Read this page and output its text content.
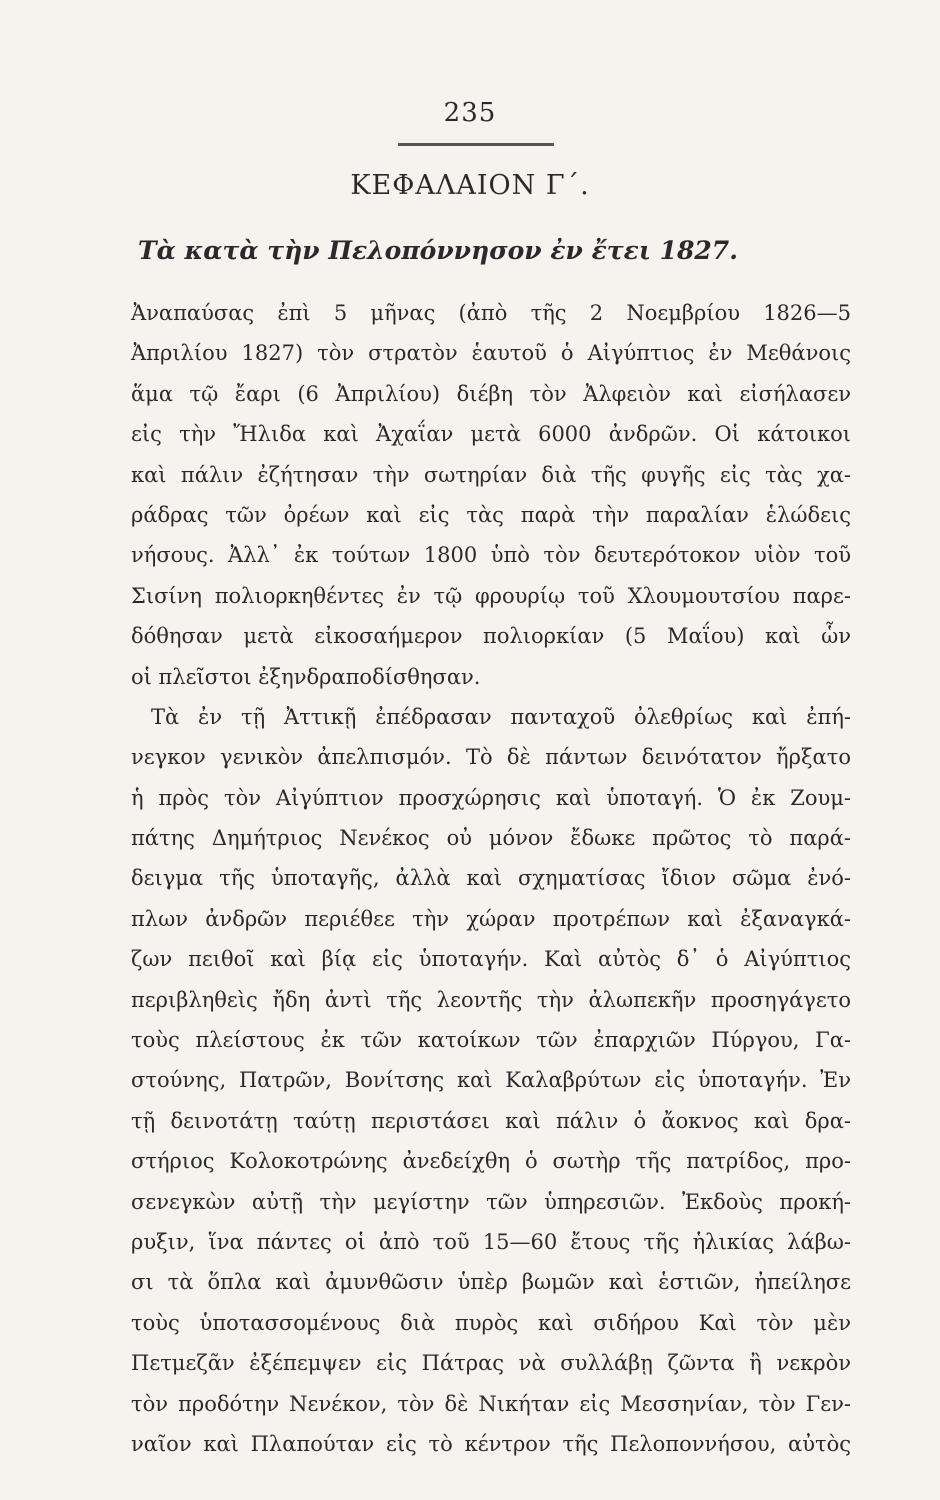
235
ΚΕΦΑΛΑΙΟΝ Γ΄.
Τὰ κατὰ τὴν Πελοπόννησον ἐν ἔτει 1827.
Ἀναπαύσας ἐπὶ 5 μῆνας (ἀπὸ τῆς 2 Νοεμβρίου 1826—5
Ἀπριλίου 1827) τὸν στρατὸν ἑαυτοῦ ὁ Αἰγύπτιος ἐν Μεθάνοις
ἅμα τῷ ἔαρι (6 Ἀπριλίου) διέβη τὸν Ἀλφειὸν καὶ εἰσήλασεν
εἰς τὴν Ἤλιδα καὶ Ἀχαΐαν μετὰ 6000 ἀνδρῶν. Οἱ κάτοικοι
καὶ πάλιν ἐζήτησαν τὴν σωτηρίαν διὰ τῆς φυγῆς εἰς τὰς χα-
ράδρας τῶν ὀρέων καὶ εἰς τὰς παρὰ τὴν παραλίαν ἑλώδεις
νήσους. Ἀλλ᾽ ἐκ τούτων 1800 ὑπὸ τὸν δευτερότοκον υἱὸν τοῦ
Σισίνη πολιορκηθέντες ἐν τῷ φρουρίῳ τοῦ Χλουμουτσίου παρε-
δόθησαν μετὰ εἰκοσαήμερον πολιορκίαν (5 Μαΐου) καὶ ὧν
οἱ πλεῖστοι ἐξηνδραποδίσθησαν.
Τὰ ἐν τῇ Ἀττικῇ ἐπέδρασαν πανταχοῦ ὀλεθρίως καὶ ἐπή-
νεγκον γενικὸν ἀπελπισμόν. Τὸ δὲ πάντων δεινότατον ἤρξατο
ἡ πρὸς τὸν Αἰγύπτιον προσχώρησις καὶ ὑποταγή. Ὁ ἐκ Ζουμ-
πάτης Δημήτριος Νενέκος οὐ μόνον ἔδωκε πρῶτος τὸ παρά-
δειγμα τῆς ὑποταγῆς, ἀλλὰ καὶ σχηματίσας ἴδιον σῶμα ἐνό-
πλων ἀνδρῶν περιέθεε τὴν χώραν προτρέπων καὶ ἐξαναγκά-
ζων πειθοῖ καὶ βίᾳ εἰς ὑποταγήν. Καὶ αὐτὸς δ᾽ ὁ Αἰγύπτιος
περιβληθεὶς ἤδη ἀντὶ τῆς λεοντῆς τὴν ἀλωπεκῆν προσηγάγετο
τοὺς πλείστους ἐκ τῶν κατοίκων τῶν ἐπαρχιῶν Πύργου, Γα-
στούνης, Πατρῶν, Βονίτσης καὶ Καλαβρύτων εἰς ὑποταγήν. Ἐν
τῇ δεινοτάτῃ ταύτῃ περιστάσει καὶ πάλιν ὁ ἄοκνος καὶ δρα-
στήριος Κολοκοτρώνης ἀνεδείχθη ὁ σωτὴρ τῆς πατρίδος, προ-
σενεγκὼν αὐτῇ τὴν μεγίστην τῶν ὑπηρεσιῶν. Ἐκδοὺς προκή-
ρυξιν, ἵνα πάντες οἱ ἀπὸ τοῦ 15—60 ἔτους τῆς ἡλικίας λάβω-
σι τὰ ὅπλα καὶ ἀμυνθῶσιν ὑπὲρ βωμῶν καὶ ἑστιῶν, ἠπείλησε
τοὺς ὑποτασσομένους διὰ πυρὸς καὶ σιδήρου Καὶ τὸν μὲν
Πετμεζᾶν ἐξέπεμψεν εἰς Πάτρας νὰ συλλάβῃ ζῶντα ἢ νεκρὸν
τὸν προδότην Νενέκον, τὸν δὲ Νικήταν εἰς Μεσσηνίαν, τὸν Γεν-
ναῖον καὶ Πλαπούταν εἰς τὸ κέντρον τῆς Πελοποννήσου, αὐτὸς
